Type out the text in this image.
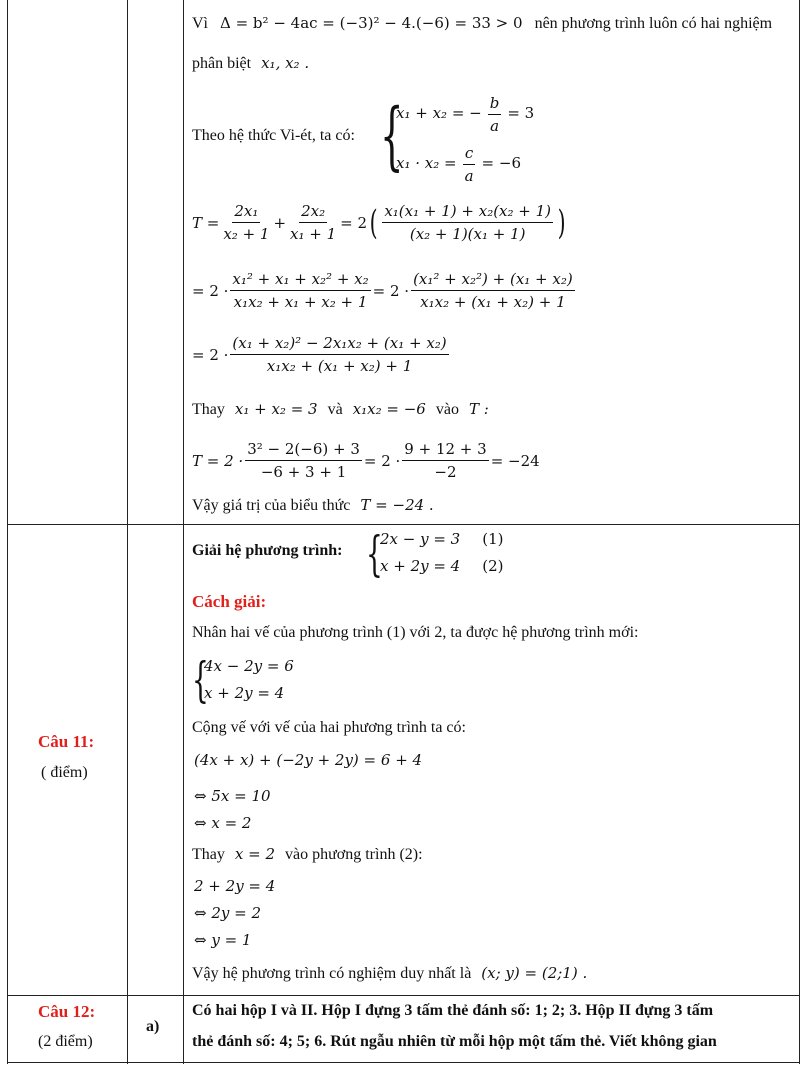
Vì Δ = b² − 4ac = (−3)² − 4.(−6) = 33 > 0 nên phương trình luôn có hai nghiệm
phân biệt x₁, x₂ .
Theo hệ thức Vi-ét, ta có: {
x₁ + x₂ = − $\frac{b}{a} = 3$
$x_1 \cdot x_2 = \frac{c}{a} = -6$
$T = \frac{\text{2x₁}}{\text{x₂ + 1}} + \frac{\text{2x₂}}{\text{x₁ + 1}} = 2$ ( $\frac{\text{x₁(x₁ + 1) + x₂(x₂ + 1)}}{\text{(x₂ + 1)(x₁ + 1)}}$ )
= $2 \cdot \frac{\text{x₁² + x₁ + x₂² + x₂}}{\text{x₁x₂ + x₁ + x₂ + 1}} = 2 \cdot \frac{\text{(x₁² + x₂²) + (x₁ + x₂)}}{\text{x₁x₂ + (x₁ + x₂) + 1}}$
= $2 \cdot \frac{\text{(x₁ + x₂)² − 2x₁x₂ + (x₁ + x₂)}}{\text{x₁x₂ + (x₁ + x₂) + 1}}$
Thay x₁ + x₂ = 3 và x₁x₂ = −6 vào T :
$T = 2 \cdot \frac{\text{3² − 2(−6) + 3}}{-6 + 3 + 1} = 2 \cdot \frac{9 + 12 + 3}{-2} = -24$
Vậy giá trị của biểu thức T = −24 .
Câu 11:
( điểm)
Giải hệ phương trình: {
2x − y = 3 (1)
x + 2y = 4 (2)
Cách giải:
Nhân hai vế của phương trình (1) với 2, ta được hệ phương trình mới:
{
4x − 2y = 6
x + 2y = 4
Cộng vế với vế của hai phương trình ta có:
(4x + x) + (−2y + 2y) = 6 + 4
⇔ 5x = 10
⇔ x = 2
Thay x = 2 vào phương trình (2):
2 + 2y = 4
⇔ 2y = 2
⇔ y = 1
Vậy hệ phương trình có nghiệm duy nhất là (x; y) = (2;1) .
Câu 12:
(2 điểm)
a)
Có hai hộp I và II. Hộp I đựng 3 tấm thẻ đánh số: 1; 2; 3. Hộp II đựng 3 tấm
thẻ đánh số: 4; 5; 6. Rút ngẫu nhiên từ mỗi hộp một tấm thẻ. Viết không gian
